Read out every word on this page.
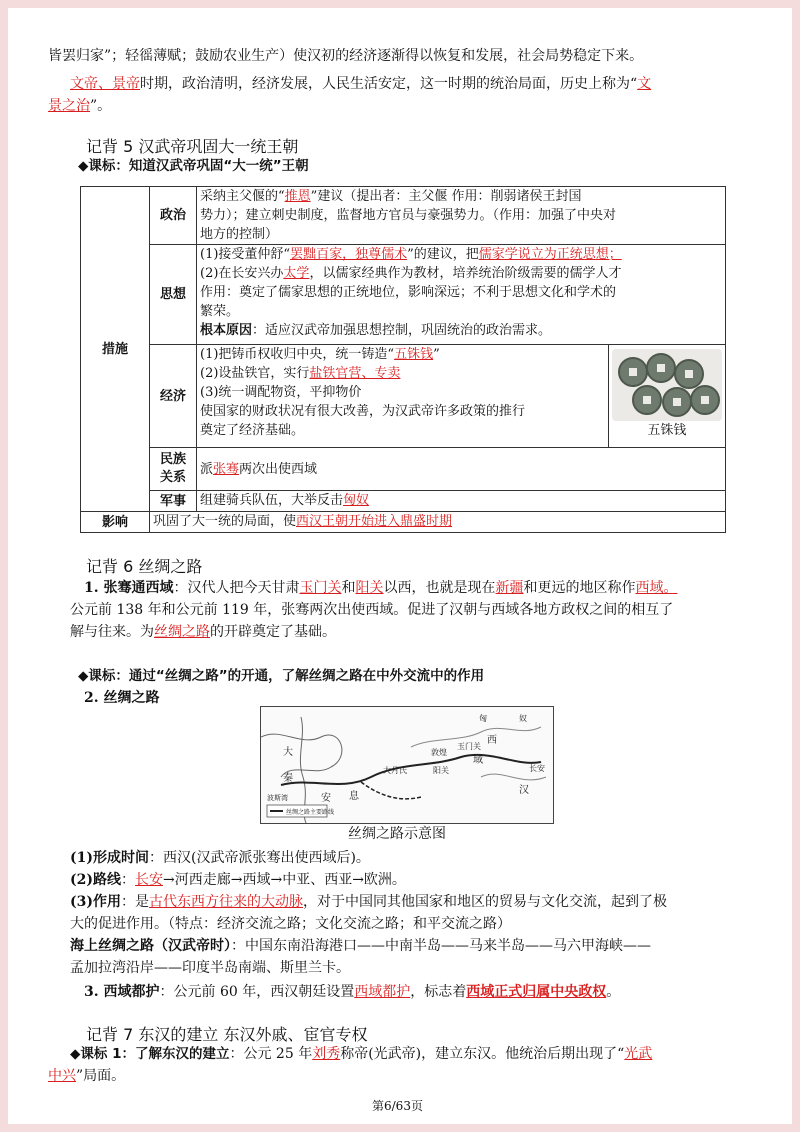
皆罢归家”；轻徭薄赋；鼓励农业生产）使汉初的经济逐渐得以恢复和发展，社会局势稳定下来。
文帝、景帝时期，政治清明，经济发展，人民生活安定，这一时期的统治局面，历史上称为“文
景之治”。
记背 5 汉武帝巩固大一统王朝
◆课标：知道汉武帝巩固“大一统”王朝
措施	政治	采纳主父偃的“推恩”建议（提出者：主父偃 作用：削弱诸侯王封国
势力）；建立刺史制度，监督地方官员与豪强势力。（作用：加强了中央对
地方的控制）	

	思想	(1)接受董仲舒“罢黜百家，独尊儒术”的建议，把儒家学说立为正统思想；
(2)在长安兴办太学，以儒家经典作为教材，培养统治阶级需要的儒学人才
作用：奠定了儒家思想的正统地位，影响深远；不利于思想文化和学术的
繁荣。
根本原因：适应汉武帝加强思想控制，巩固统治的政治需求。	

	经济	(1)把铸币权收归中央，统一铸造“五铢钱”
(2)设盐铁官，实行盐铁官营、专卖
(3)统一调配物资，平抑物价
使国家的财政状况有很大改善，为汉武帝许多政策的推行
奠定了经济基础。	五铢钱

	民族
关系	派张骞两次出使西域	
	军事	组建骑兵队伍，大举反击匈奴	
影响	巩固了大一统的局面，使西汉王朝开始进入鼎盛时期		
记背 6 丝绸之路
1. 张骞通西域：汉代人把今天甘肃玉门关和阳关以西，也就是现在新疆和更远的地区称作西域。
公元前 138 年和公元前 119 年，张骞两次出使西域。促进了汉朝与西域各地方政权之间的相互了
解与往来。为丝绸之路的开辟奠定了基础。
◆课标：通过“丝绸之路”的开通，了解丝绸之路在中外交流中的作用
2. 丝绸之路
丝绸之路主要路线
匈	奴
西
域
汉
安 息
大
秦
大月氏
敦煌
玉门关
长安
波斯湾
阳关
丝绸之路示意图
(1)形成时间：西汉(汉武帝派张骞出使西域后)。
(2)路线：长安→河西走廊→西域→中亚、西亚→欧洲。
(3)作用：是古代东西方往来的大动脉，对于中国同其他国家和地区的贸易与文化交流，起到了极
大的促进作用。（特点：经济交流之路；文化交流之路；和平交流之路）
海上丝绸之路（汉武帝时）：中国东南沿海港口——中南半岛——马来半岛——马六甲海峡——
孟加拉湾沿岸——印度半岛南端、斯里兰卡。
3. 西域都护：公元前 60 年，西汉朝廷设置西域都护，标志着西域正式归属中央政权。
记背 7 东汉的建立 东汉外戚、宦官专权
◆课标 1：了解东汉的建立：公元 25 年刘秀称帝(光武帝)，建立东汉。他统治后期出现了“光武
中兴”局面。
第6/63页
